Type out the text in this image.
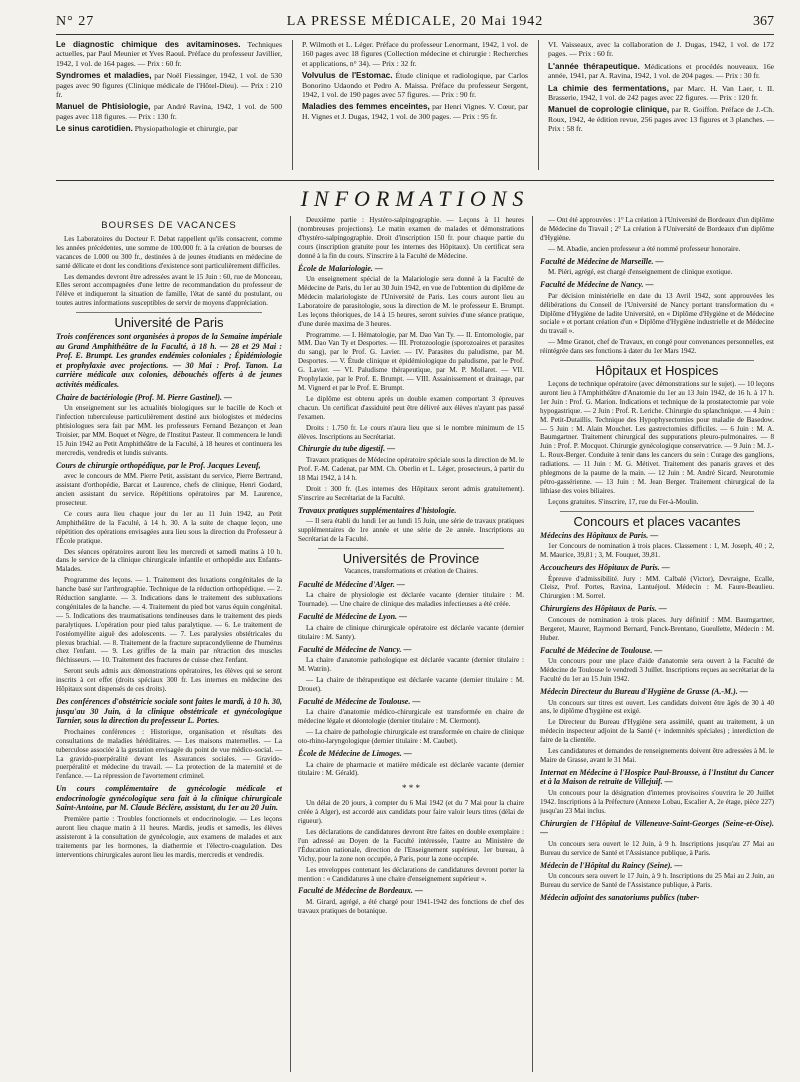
N° 27	LA PRESSE MÉDICALE, 20 Mai 1942	367

Le diagnostic chimique des avitaminoses. Techniques actuelles, par Paul Meunier et Yves Raoul. Préface du professeur Javillier, 1942, 1 vol. de 164 pages. — Prix : 60 fr.

Syndromes et maladies, par Noël Fiessinger, 1942, 1 vol. de 530 pages avec 90 figures (Clinique médicale de l'Hôtel-Dieu). — Prix : 210 fr.

Manuel de Phtisiologie, par André Ravina, 1942, 1 vol. de 500 pages avec 118 figures. — Prix : 130 fr.

Le sinus carotidien. Physiopathologie et chirurgie, par

P. Wilmoth et L. Léger. Préface du professeur Lenormant, 1942, 1 vol. de 160 pages avec 18 figures (Collection médecine et chirurgie : Recherches et applications, n° 34). — Prix : 32 fr.

Volvulus de l'Estomac. Étude clinique et radiologique, par Carlos Bonorino Udaondo et Pedro A. Maissa. Préface du professeur Sergent, 1942, 1 vol. de 190 pages avec 57 figures. — Prix : 90 fr.

Maladies des femmes enceintes, par Henri Vignes. V. Cœur, par H. Vignes et J. Dugas, 1942, 1 vol. de 300 pages. — Prix : 95 fr.

VI. Vaisseaux, avec la collaboration de J. Dugas, 1942, 1 vol. de 172 pages. — Prix : 60 fr.

L'année thérapeutique. Médications et procédés nouveaux. 16e année, 1941, par A. Ravina, 1942, 1 vol. de 204 pages. — Prix : 30 fr.

La chimie des fermentations, par Marc. H. Van Laer, t. II. Brasserie, 1942, 1 vol. de 242 pages avec 22 figures. — Prix : 120 fr.

Manuel de coprologie clinique, par R. Goiffon. Préface de J.-Ch. Roux, 1942, 4e édition revue, 256 pages avec 13 figures et 3 planches. — Prix : 58 fr.

INFORMATIONS
BOURSES DE VACANCES

Les Laboratoires du Docteur F. Debat rappellent qu'ils consacrent, comme les années précédentes, une somme de 100.000 fr. à la création de bourses de vacances de 1.000 ou 300 fr., destinées à de jeunes étudiants en médecine de santé délicate et dont les conditions d'existence sont particulièrement difficiles.

Les demandes devront être adressées avant le 15 Juin : 60, rue de Monceau, Elles seront accompagnées d'une lettre de recommandation du professeur de l'élève et indiqueront la situation de famille, l'état de santé du postulant, ou toutes autres informations susceptibles de servir de moyens d'appréciation.

Université de Paris

Trois conférences sont organisées à propos de la Semaine impériale au Grand Amphithéâtre de la Faculté, à 18 h. — 28 et 29 Mai : Prof. E. Brumpt. Les grandes endémies coloniales ; Épidémiologie et prophylaxie avec projections. — 30 Mai : Prof. Tanon. La carrière médicale aux colonies, débouchés offerts à de jeunes activités médicales.

Chaire de bactériologie (Prof. M. Pierre Gastinel). —

Un enseignement sur les actualités biologiques sur le bacille de Koch et l'infection tuberculeuse particulièrement destiné aux biologistes et médecins phtisiologues sera fait par MM. les professeurs Fernand Bezançon et Jean Troisier, par MM. Boquet et Nègre, de l'Institut Pasteur. Il commencera le lundi 15 Juin 1942 au Petit Amphithéâtre de la Faculté, à 18 heures et continuera les mercredis, vendredis et lundis suivants.

Cours de chirurgie orthopédique, par le Prof. Jacques Leveuf,

avec le concours de MM. Pierre Petit, assistant du service, Pierre Bertrand, assistant d'orthopédie, Barcat et Laurence, chefs de clinique, Henri Godard, ancien assistant du service. Répétitions opératoires par M. Laurence, prosecteur.

Ce cours aura lieu chaque jour du 1er au 11 Juin 1942, au Petit Amphithéâtre de la Faculté, à 14 h. 30. A la suite de chaque leçon, une répétition des opérations envisagées aura lieu sous la direction du Professeur à l'École pratique.

Des séances opératoires auront lieu les mercredi et samedi matins à 10 h. dans le service de la clinique chirurgicale infantile et orthopédie aux Enfants-Malades.

Programme des leçons. — 1. Traitement des luxations congénitales de la hanche basé sur l'arthrographie. Technique de la réduction orthopédique. — 2. Réduction sanglante. — 3. Indications dans le traitement des subluxations congénitales de la hanche. — 4. Traitement du pied bot varus équin congénital. — 5. Indications des traumatisations tendineuses dans le traitement des pieds paralytiques. L'opération pour pied talus paralytique. — 6. Le traitement de l'ostéomyélite aiguë des adolescents. — 7. Les paralysies obstétricales du plexus brachial. — 8. Traitement de la fracture supracondylienne de l'humérus chez l'enfant. — 9. Les griffes de la main par rétraction des muscles fléchisseurs. — 10. Traitement des fractures de cuisse chez l'enfant.

Seront seuls admis aux démonstrations opératoires, les élèves qui se seront inscrits à cet effet (droits spéciaux 300 fr. Les internes en médecine des Hôpitaux sont dispensés de ces droits).

Des conférences d'obstétricie sociale sont faites le mardi, à 10 h. 30, jusqu'au 30 Juin, à la clinique obstétricale et gynécologique Tarnier, sous la direction du professeur L. Portes.

Prochaines conférences : Historique, organisation et résultats des consultations de maladies héréditaires. — Les maisons maternelles. — La tuberculose associée à la gestation envisagée du point de vue médico-social. — La gravido-puerpéralité devant les Assurances sociales. — Gravido-puerpéralité et médecine du travail. — La protection de la maternité et de l'enfance. — La répression de l'avortement criminel.

Un cours complémentaire de gynécologie médicale et endocrinologie gynécologique sera fait à la clinique chirurgicale Saint-Antoine, par M. Claude Béclère, assistant, du 1er au 20 Juin.

Première partie : Troubles fonctionnels et endocrinologie. — Les leçons auront lieu chaque matin à 11 heures. Mardis, jeudis et samedis, les élèves assisteront à la consultation de gynécologie, aux examens de malades et aux traitements par les hormones, la diathermie et l'électro-coagulation. Des interventions chirurgicales auront lieu les mardis, mercredis et vendredis.

Deuxième partie : Hystéro-salpingographie. — Leçons à 11 heures (nombreuses projections). Le matin examen de malades et démonstrations d'hystéro-salpingographie. Droit d'inscription 150 fr. pour chaque partie du cours (inscription gratuite pour les internes des Hôpitaux). Un certificat sera donné à la fin du cours. S'inscrire à la Faculté de Médecine.

École de Malariologie. —

Un enseignement spécial de la Malariologie sera donné à la Faculté de Médecine de Paris, du 1er au 30 Juin 1942, en vue de l'obtention du diplôme de Médecin malariologiste de l'Université de Paris. Les cours auront lieu au Laboratoire de parasitologie, sous la direction de M. le professeur E. Brumpt. Les leçons théoriques, de 14 à 15 heures, seront suivies d'une séance pratique, d'une durée maxima de 3 heures.

Programme. — I. Hématologie, par M. Dao Van Ty. — II. Entomologie, par MM. Dao Van Ty et Desportes. — III. Protozoologie (sporozoaires et parasites du sang), par le Prof. G. Lavier. — IV. Parasites du paludisme, par M. Desportes. — V. Étude clinique et épidémiologique du paludisme, par le Prof. G. Lavier. — VI. Paludisme thérapeutique, par M. P. Mollaret. — VII. Prophylaxie, par le Prof. E. Brumpt. — VIII. Assainissement et drainage, par M. Vignerd et par le Prof. E. Brumpt.

Le diplôme est obtenu après un double examen comportant 3 épreuves chacun. Un certificat d'assiduité peut être délivré aux élèves n'ayant pas passé l'examen.

Droits : 1.750 fr. Le cours n'aura lieu que si le nombre minimum de 15 élèves. Inscriptions au Secrétariat.

Chirurgie du tube digestif. —

Travaux pratiques de Médecine opératoire spéciale sous la direction de M. le Prof. F.-M. Cadenat, par MM. Ch. Oberlin et L. Léger, prosecteurs, à partir du 18 Mai 1942, à 14 h.

Droit : 300 fr. (Les internes des Hôpitaux seront admis gratuitement). S'inscrire au Secrétariat de la Faculté.

Travaux pratiques supplémentaires d'histologie.

— Il sera établi du lundi 1er au lundi 15 Juin, une série de travaux pratiques supplémentaires de 1re année et une série de 2e année. Inscriptions au Secrétariat de la Faculté.

Universités de Province

Vacances, transformations et création de Chaires.

Faculté de Médecine d'Alger. —

La chaire de physiologie est déclarée vacante (dernier titulaire : M. Tournade). — Une chaire de clinique des maladies infectieuses a été créée.

Faculté de Médecine de Lyon. —

La chaire de clinique chirurgicale opératoire est déclarée vacante (dernier titulaire : M. Santy).

Faculté de Médecine de Nancy. —

La chaire d'anatomie pathologique est déclarée vacante (dernier titulaire : M. Watrin).

— La chaire de thérapeutique est déclarée vacante (dernier titulaire : M. Drouet).

Faculté de Médecine de Toulouse. —

La chaire d'anatomie médico-chirurgicale est transformée en chaire de médecine légale et déontologie (dernier titulaire : M. Clermont).

— La chaire de pathologie chirurgicale est transformée en chaire de clinique oto-rhino-laryngologique (dernier titulaire : M. Caubet).

École de Médecine de Limoges. —

La chaire de pharmacie et matière médicale est déclarée vacante (dernier titulaire : M. Gérald).

* * *

Un délai de 20 jours, à compter du 6 Mai 1942 (et du 7 Mai pour la chaire créée à Alger), est accordé aux candidats pour faire valoir leurs titres (délai de rigueur).

Les déclarations de candidatures devront être faites en double exemplaire : l'un adressé au Doyen de la Faculté intéressée, l'autre au Ministère de l'Éducation nationale, direction de l'Enseignement supérieur, 1er bureau, à Vichy, pour la zone non occupée, à Paris, pour la zone occupée.

Les enveloppes contenant les déclarations de candidatures devront porter la mention : « Candidatures à une chaire d'enseignement supérieur ».

Faculté de Médecine de Bordeaux. —

M. Girard, agrégé, a été chargé pour 1941-1942 des fonctions de chef des travaux pratiques de botanique.

— Ont été approuvées : 1° La création à l'Université de Bordeaux d'un diplôme de Médecine du Travail ; 2° La création à l'Université de Bordeaux d'un diplôme d'Hygiène.

— M. Abadie, ancien professeur a été nommé professeur honoraire.

Faculté de Médecine de Marseille. —

M. Piéri, agrégé, est chargé d'enseignement de clinique exotique.

Faculté de Médecine de Nancy. —

Par décision ministérielle en date du 13 Avril 1942, sont approuvées les délibérations du Conseil de l'Université de Nancy portant transformation du « Diplôme d'Hygiène de ladite Université, en « Diplôme d'Hygiène et de Médecine sociale » et portant création d'un « Diplôme d'Hygiène industrielle et de Médecine du travail ».

— Mme Granot, chef de Travaux, en congé pour convenances personnelles, est réintégrée dans ses fonctions à dater du 1er Mars 1942.

Hôpitaux et Hospices

Leçons de technique opératoire (avec démonstrations sur le sujet). — 10 leçons auront lieu à l'Amphithéâtre d'Anatomie du 1er au 13 Juin 1942, de 16 h. à 17 h. 1er Juin : Prof. G. Marion. Indications et technique de la prostatectomie par voie hypogastrique. — 2 Juin : Prof. R. Leriche. Chirurgie du splanchnique. — 4 Juin : M. Petit-Dutaillis. Technique des Hypophysectomies pour maladie de Basedow. — 5 Juin : M. Alain Mouchet. Les gastrectomies difficiles. — 6 Juin : M. A. Baumgartner. Traitement chirurgical des suppurations pleuro-pulmonaires. — 8 Juin : Prof. P. Mocquot. Chirurgie gynécologique conservatrice. — 9 Juin : M. J.-L. Roux-Berger. Conduite à tenir dans les cancers du sein : Curage des ganglions, radiations. — 11 Juin : M. G. Métivet. Traitement des panaris graves et des phlegmons de la paume de la main. — 12 Juin : M. André Sicard. Neurotomie pétro-gassérienne. — 13 Juin : M. Jean Berger. Traitement chirurgical de la lithiase des voies biliaires.

Leçons gratuites. S'inscrire, 17, rue du Fer-à-Moulin.

Concours et places vacantes

Médecins des Hôpitaux de Paris. —

1er Concours de nomination à trois places. Classement : 1, M. Joseph, 40 ; 2, M. Maurice, 39,81 ; 3, M. Fouquet, 39,81.

Accoucheurs des Hôpitaux de Paris. —

Épreuve d'admissibilité. Jury : MM. Calbalé (Victor), Devraigne, Ecalle, Cleisz, Prof. Portes, Ravina, Lantuéjoul. Médecin : M. Faure-Beaulieu. Chirurgien : M. Sorrel.

Chirurgiens des Hôpitaux de Paris. —

Concours de nomination à trois places. Jury définitif : MM. Baumgartner, Bergeret, Maurer, Raymond Bernard, Funck-Brentano, Gueullette, Médecin : M. Huber.

Faculté de Médecine de Toulouse. —

Un concours pour une place d'aide d'anatomie sera ouvert à la Faculté de Médecine de Toulouse le vendredi 3 Juillet. Inscriptions reçues au secrétariat de la Faculté du 1er au 15 Juin 1942.

Médecin Directeur du Bureau d'Hygiène de Grasse (A.-M.). —

Un concours sur titres est ouvert. Les candidats doivent être âgés de 30 à 40 ans, le diplôme d'hygiène est exigé.

Le Directeur du Bureau d'Hygiène sera assimilé, quant au traitement, à un médecin inspecteur adjoint de la Santé (+ indemnités spéciales) ; interdiction de faire de la clientèle.

Les candidatures et demandes de renseignements doivent être adressées à M. le Maire de Grasse, avant le 31 Mai.

Internat en Médecine à l'Hospice Paul-Brousse, à l'Institut du Cancer et à la Maison de retraite de Villejuif. —

Un concours pour la désignation d'internes provisoires s'ouvrira le 20 Juillet 1942. Inscriptions à la Préfecture (Annexe Lobau, Escalier A, 2e étage, pièce 227) jusqu'au 23 Mai inclus.

Chirurgien de l'Hôpital de Villeneuve-Saint-Georges (Seine-et-Oise). —

Un concours sera ouvert le 12 Juin, à 9 h. Inscriptions jusqu'au 27 Mai au Bureau du service de Santé et l'Assistance publique, à Paris.

Médecin de l'Hôpital du Raincy (Seine). —

Un concours sera ouvert le 17 Juin, à 9 h. Inscriptions du 25 Mai au 2 Juin, au Bureau du service de Santé de l'Assistance publique, à Paris.

Médecin adjoint des sanatoriums publics (tuber-
